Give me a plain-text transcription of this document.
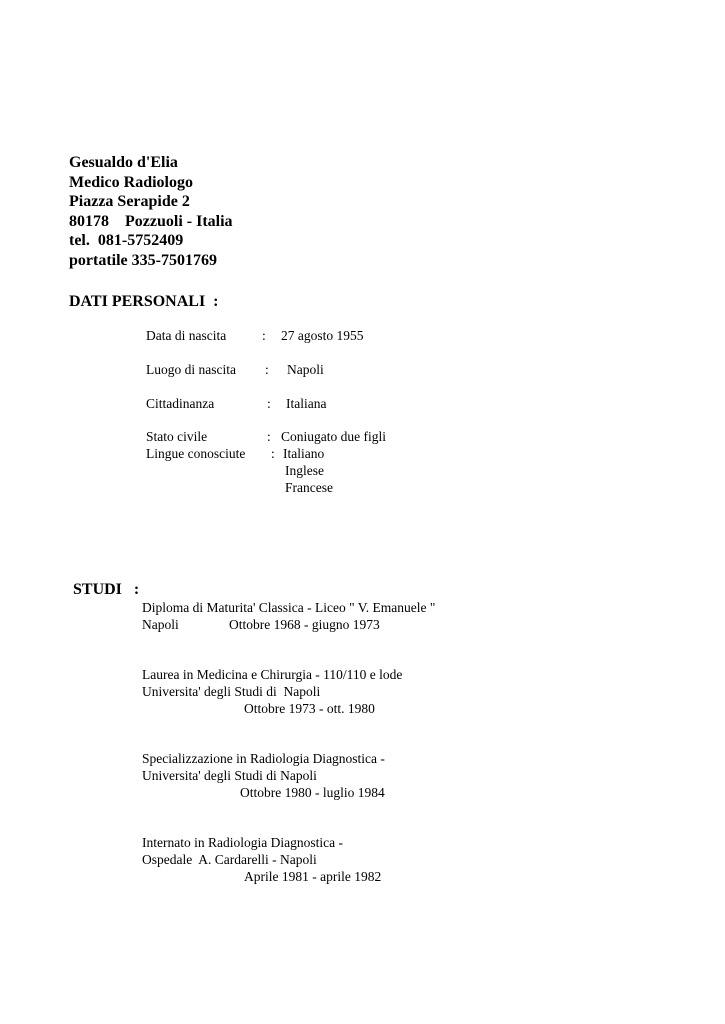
Gesualdo d'Elia
Medico Radiologo
Piazza Serapide 2
80178 Pozzuoli - Italia
tel.  081-5752409
portatile 335-7501769
DATI PERSONALI  :
Data di nascita	: 27 agosto 1955
Luogo di nascita : Napoli
Cittadinanza	: Italiana
Stato civile	: Coniugato due figli
Lingue conosciute : Italiano
Inglese
Francese
STUDI   :
Diploma di Maturita' Classica - Liceo " V. Emanuele "
Napoli	Ottobre 1968 - giugno 1973
Laurea in Medicina e Chirurgia - 110/110 e lode
Universita' degli Studi di  Napoli
Ottobre 1973 - ott. 1980
Specializzazione in Radiologia Diagnostica -
Universita' degli Studi di Napoli
Ottobre 1980 - luglio 1984
Internato in Radiologia Diagnostica -
Ospedale  A. Cardarelli - Napoli
Aprile 1981 - aprile 1982
